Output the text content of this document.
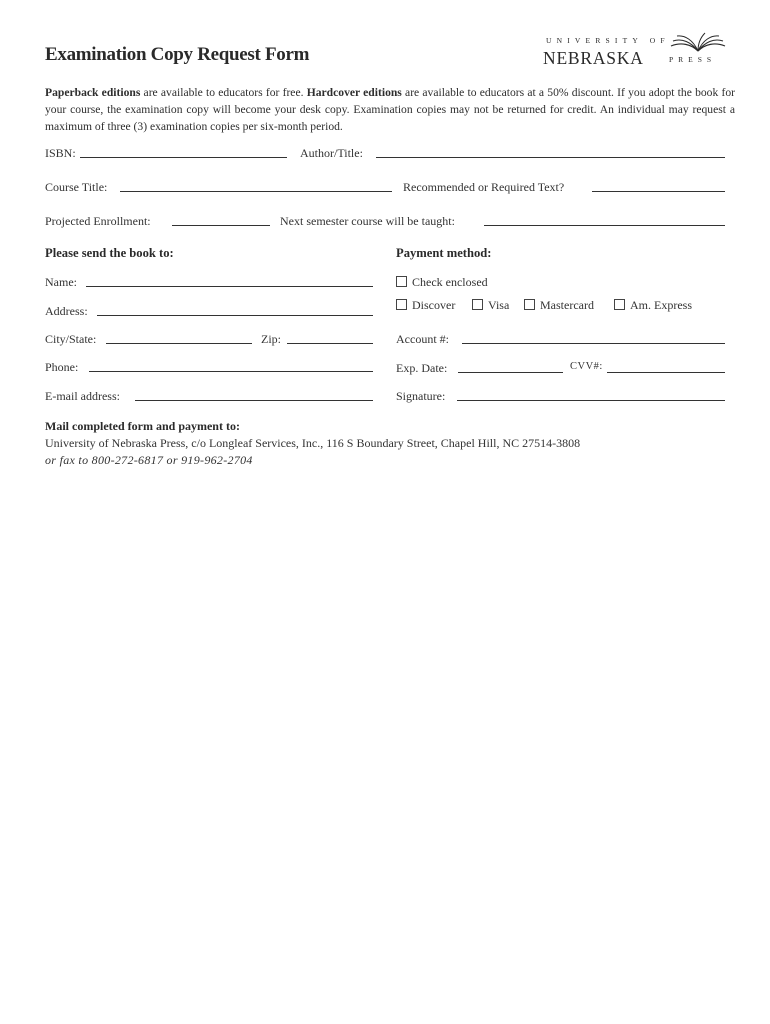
Examination Copy Request Form
UNIVERSITY OF
NEBRASKA	PRESS
Paperback editions are available to educators for free. Hardcover editions are available to educators at a 50% discount. If you adopt the book for your course, the examination copy will become your desk copy. Examination copies may not be returned for credit. An individual may request a maximum of three (3) examination copies per six-month period.
ISBN:	Author/Title:
Course Title:	Recommended or Required Text?
Projected Enrollment:	Next semester course will be taught:
Please send the book to:
Name:
Address:
City/State:	Zip:
Phone:
E-mail address:
Payment method:
Check enclosed
Discover	Visa	Mastercard	Am. Express
Account #:
Exp. Date:	CVV#:
Signature:
Mail completed form and payment to:
University of Nebraska Press, c/o Longleaf Services, Inc., 116 S Boundary Street, Chapel Hill, NC 27514-3808
or fax to 800-272-6817 or 919-962-2704
